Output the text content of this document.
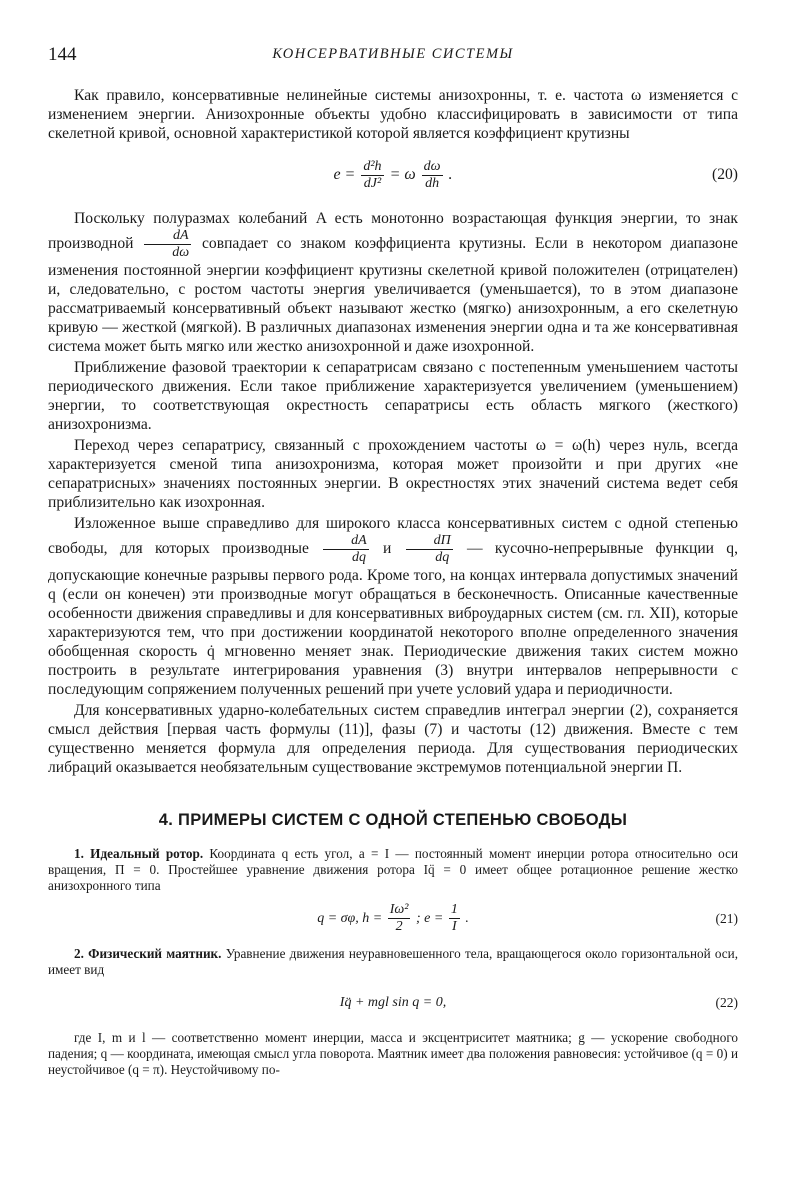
144	КОНСЕРВАТИВНЫЕ СИСТЕМЫ

Как правило, консервативные нелинейные системы анизохронны, т. е. частота ω изменяется с изменением энергии. Анизохронные объекты удобно классифицировать в зависимости от типа скелетной кривой, основной характеристикой которой является коэффициент крутизны

$e = \frac{\text{d²h}}{\text{dJ²}} = \omega \frac{d\omega}{dh}$ .	(20)

Поскольку полуразмах колебаний A есть монотонно возрастающая функция энергии, то знак производной $\frac{dA}{d\omega}$ совпадает со знаком коэффициента крутизны. Если в некотором диапазоне изменения постоянной энергии коэффициент крутизны скелетной кривой положителен (отрицателен) и, следовательно, с ростом частоты энергия увеличивается (уменьшается), то в этом диапазоне рассматриваемый консервативный объект называют жестко (мягко) анизохронным, а его скелетную кривую — жесткой (мягкой). В различных диапазонах изменения энергии одна и та же консервативная система может быть мягко или жестко анизохронной и даже изохронной.

Приближение фазовой траектории к сепаратрисам связано с постепенным уменьшением частоты периодического движения. Если такое приближение характеризуется увеличением (уменьшением) энергии, то соответствующая окрестность сепаратрисы есть область мягкого (жесткого) анизохронизма.

Переход через сепаратрису, связанный с прохождением частоты ω = ω(h) через нуль, всегда характеризуется сменой типа анизохронизма, которая может произойти и при других «не сепаратрисных» значениях постоянных энергии. В окрестностях этих значений система ведет себя приблизительно как изохронная.

Изложенное выше справедливо для широкого класса консервативных систем с одной степенью свободы, для которых производные $\frac{dA}{dq}$ и $\frac{d\Pi}{dq}$ — кусочно-непрерывные функции q, допускающие конечные разрывы первого рода. Кроме того, на концах интервала допустимых значений q (если он конечен) эти производные могут обращаться в бесконечность. Описанные качественные особенности движения справедливы и для консервативных виброударных систем (см. гл. XII), которые характеризуются тем, что при достижении координатой некоторого вполне определенного значения обобщенная скорость q̇ мгновенно меняет знак. Периодические движения таких систем можно построить в результате интегрирования уравнения (3) внутри интервалов непрерывности с последующим сопряжением полученных решений при учете условий удара и периодичности.

Для консервативных ударно-колебательных систем справедлив интеграл энергии (2), сохраняется смысл действия [первая часть формулы (11)], фазы (7) и частоты (12) движения. Вместе с тем существенно меняется формула для определения периода. Для существования периодических либраций оказывается необязательным существование экстремумов потенциальной энергии Π.

4. ПРИМЕРЫ СИСТЕМ С ОДНОЙ СТЕПЕНЬЮ СВОБОДЫ

1. Идеальный ротор. Координата q есть угол, a = I — постоянный момент инерции ротора относительно оси вращения, Π = 0. Простейшее уравнение движения ротора Iq̈ = 0 имеет общее ротационное решение жестко анизохронного типа

q = σφ, $h = \frac{\text{Iω²}}{2}$ ; $e = \frac{1}{I}$ .	(21)

2. Физический маятник. Уравнение движения неуравновешенного тела, вращающегося около горизонтальной оси, имеет вид

Iq̈ + mgl sin q = 0,	(22)

где I, m и l — соответственно момент инерции, масса и эксцентриситет маятника; g — ускорение свободного падения; q — координата, имеющая смысл угла поворота. Маятник имеет два положения равновесия: устойчивое (q = 0) и неустойчивое (q = π). Неустойчивому по-
